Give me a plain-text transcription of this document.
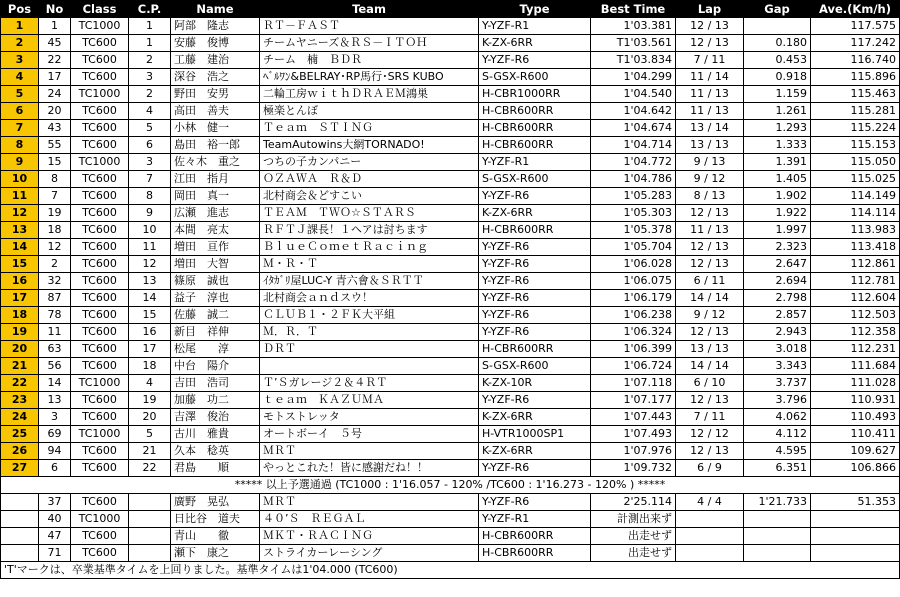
Pos	No	Class	C.P.	Name	Team	Type	Best Time	Lap	Gap	Ave.(Km/h)
1	1	TC1000	1	阿部　隆志	ＲＴ－ＦＡＳＴ	Y-YZF-R1	1'03.381	12 / 13		117.575
2	45	TC600	1	安藤　俊博	チームヤニーズ＆ＲＳ－ＩＴＯＨ	K-ZX-6RR	T1'03.561	12 / 13	0.180	117.242
3	22	TC600	2	工藤　建治	チーム　楠　ＢＤＲ	Y-YZF-R6	T1'03.834	7 / 11	0.453	116.740
4	17	TC600	3	深谷　浩之	ﾍﾞﾙﾜﾝ&BELRAY･RP馬行･SRS KUBO	S-GSX-R600	1'04.299	11 / 14	0.918	115.896
5	24	TC1000	2	野田　安男	二輪工房ｗｉｔｈＤＲＡＥＭ鴻巣	H-CBR1000RR	1'04.540	11 / 13	1.159	115.463
6	20	TC600	4	高田　善夫	極楽とんぼ	H-CBR600RR	1'04.642	11 / 13	1.261	115.281
7	43	TC600	5	小林　健一	Ｔｅａｍ　ＳＴＩＮＧ	H-CBR600RR	1'04.674	13 / 14	1.293	115.224
8	55	TC600	6	島田　裕一郎	TeamAutowins大網TORNADO!	H-CBR600RR	1'04.714	13 / 13	1.333	115.153
9	15	TC1000	3	佐々木　重之	つちの子カンパニー	Y-YZF-R1	1'04.772	9 / 13	1.391	115.050
10	8	TC600	7	江田　指月	ＯＺＡＷＡ　Ｒ＆Ｄ	S-GSX-R600	1'04.786	9 / 12	1.405	115.025
11	7	TC600	8	岡田　真一	北村商会＆どすこい	Y-YZF-R6	1'05.283	8 / 13	1.902	114.149
12	19	TC600	9	広瀬　進志	ＴＥＡＭ　ＴＷＯ☆ＳＴＡＲＳ	K-ZX-6RR	1'05.303	12 / 13	1.922	114.114
13	18	TC600	10	本間　亮太	ＲＦＴＪ課長！１ヘアは討ちます	H-CBR600RR	1'05.378	11 / 13	1.997	113.983
14	12	TC600	11	増田　亘作	ＢｌｕｅＣｏｍｅｔＲａｃｉｎｇ	Y-YZF-R6	1'05.704	12 / 13	2.323	113.418
15	2	TC600	12	増田　大智	Ｍ・Ｒ・Ｔ	Y-YZF-R6	1'06.028	12 / 13	2.647	112.861
16	32	TC600	13	篠原　誠也	ｲﾀｶﾞﾘ屋LUC-Y 青六會＆ＳＲＴＴ	Y-YZF-R6	1'06.075	6 / 11	2.694	112.781
17	87	TC600	14	益子　淳也	北村商会ａｎｄスウ！	Y-YZF-R6	1'06.179	14 / 14	2.798	112.604
18	78	TC600	15	佐藤　誠二	ＣＬＵＢ１・２ＦＫ大平組	Y-YZF-R6	1'06.238	9 / 12	2.857	112.503
19	11	TC600	16	新目　祥伸	Ｍ．Ｒ．Ｔ	Y-YZF-R6	1'06.324	12 / 13	2.943	112.358
20	63	TC600	17	松尾　　淳	ＤＲＴ	H-CBR600RR	1'06.399	13 / 13	3.018	112.231
21	56	TC600	18	中台　陽介		S-GSX-R600	1'06.724	14 / 14	3.343	111.684
22	14	TC1000	4	吉田　浩司	Ｔ’Ｓガレージ２＆４ＲＴ	K-ZX-10R	1'07.118	6 / 10	3.737	111.028
23	13	TC600	19	加藤　功二	ｔｅａｍ　ＫＡＺＵＭＡ	Y-YZF-R6	1'07.177	12 / 13	3.796	110.931
24	3	TC600	20	吉澤　俊治	モトストレッタ	K-ZX-6RR	1'07.443	7 / 11	4.062	110.493
25	69	TC1000	5	古川　雅貴	オートボーイ　５号	H-VTR1000SP1	1'07.493	12 / 12	4.112	110.411
26	94	TC600	21	久本　稔英	ＭＲＴ	K-ZX-6RR	1'07.976	12 / 13	4.595	109.627
27	6	TC600	22	君島　　順	やっとこれた！皆に感謝だね！！	Y-YZF-R6	1'09.732	6 / 9	6.351	106.866
***** 以上予選通過 (TC1000 : 1'16.057 - 120% /TC600 : 1'16.273 - 120% ) *****										
	37	TC600		廣野　晃弘	ＭＲＴ	Y-YZF-R6	2'25.114	4 / 4	1'21.733	51.353
	40	TC1000		日比谷　道夫	４０’Ｓ　ＲＥＧＡＬ	Y-YZF-R1	計測出来ず			
	47	TC600		青山　　徹	ＭＫＴ・ＲＡＣＩＮＧ	H-CBR600RR	出走せず			
	71	TC600		瀬下　康之	ストライカーレーシング	H-CBR600RR	出走せず			
'T'マークは、卒業基準タイムを上回りました。基準タイムは1'04.000 (TC600)										
